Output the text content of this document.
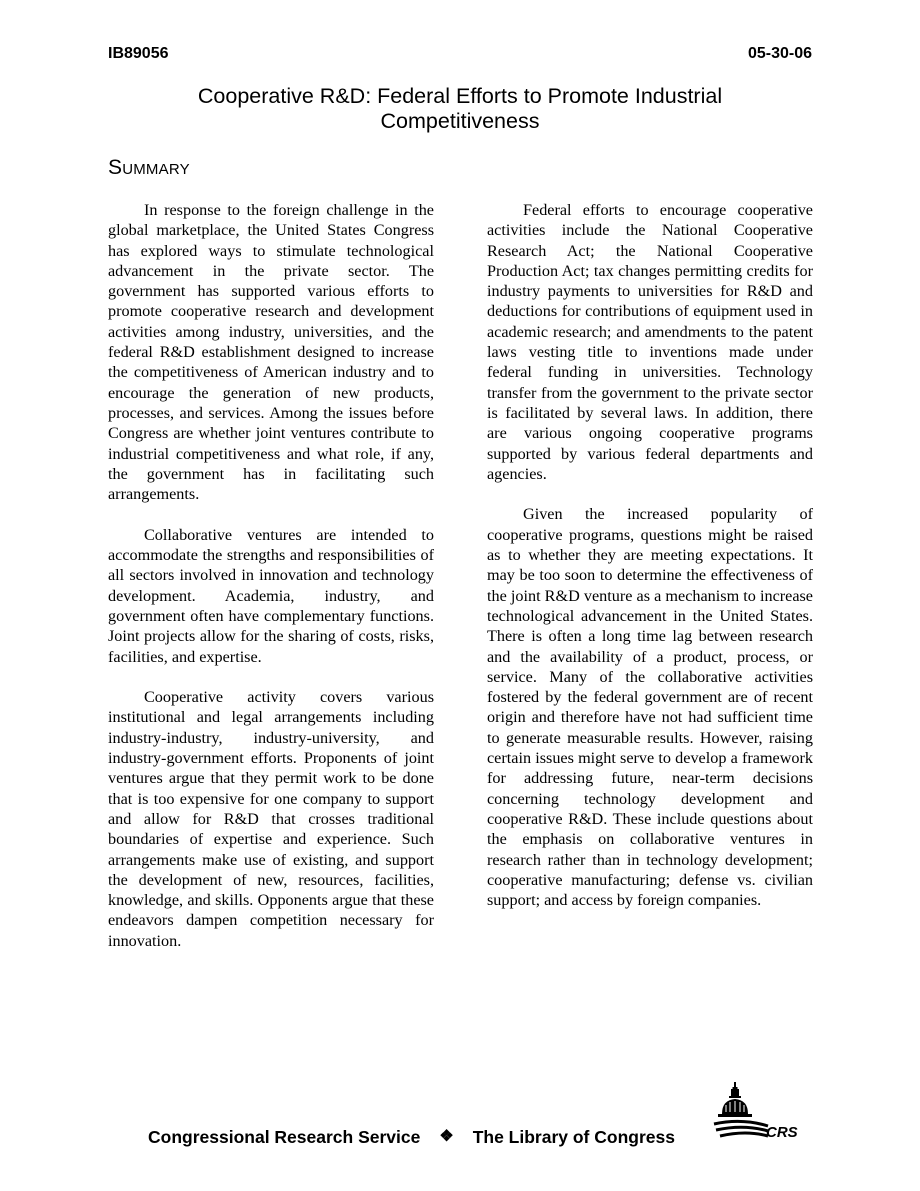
IB89056	05-30-06
Cooperative R&D: Federal Efforts to Promote Industrial
Competitiveness
Summary

In response to the foreign challenge in the global marketplace, the United States Congress has explored ways to stimulate technological advancement in the private sector. The government has supported various efforts to promote cooperative research and development activities among industry, universities, and the federal R&D establishment designed to increase the competitiveness of American industry and to encourage the generation of new products, processes, and services. Among the issues before Congress are whether joint ventures contribute to industrial competitiveness and what role, if any, the government has in facilitating such arrangements.

Collaborative ventures are intended to accommodate the strengths and responsibilities of all sectors involved in innovation and technology development. Academia, industry, and government often have complementary functions. Joint projects allow for the sharing of costs, risks, facilities, and expertise.

Cooperative activity covers various institutional and legal arrangements including industry-industry, industry-university, and industry-government efforts. Proponents of joint ventures argue that they permit work to be done that is too expensive for one company to support and allow for R&D that crosses traditional boundaries of expertise and experience. Such arrangements make use of existing, and support the development of new, resources, facilities, knowledge, and skills. Opponents argue that these endeavors dampen competition necessary for innovation.

Federal efforts to encourage cooperative activities include the National Cooperative Research Act; the National Cooperative Production Act; tax changes permitting credits for industry payments to universities for R&D and deductions for contributions of equipment used in academic research; and amendments to the patent laws vesting title to inventions made under federal funding in universities. Technology transfer from the government to the private sector is facilitated by several laws. In addition, there are various ongoing cooperative programs supported by various federal departments and agencies.

Given the increased popularity of cooperative programs, questions might be raised as to whether they are meeting expectations. It may be too soon to determine the effectiveness of the joint R&D venture as a mechanism to increase technological advancement in the United States. There is often a long time lag between research and the availability of a product, process, or service. Many of the collaborative activities fostered by the federal government are of recent origin and therefore have not had sufficient time to generate measurable results. However, raising certain issues might serve to develop a framework for addressing future, near-term decisions concerning technology development and cooperative R&D. These include questions about the emphasis on collaborative ventures in research rather than in technology development; cooperative manufacturing; defense vs. civilian support; and access by foreign companies.

Congressional Research Service ❖ The Library of Congress	CRS
